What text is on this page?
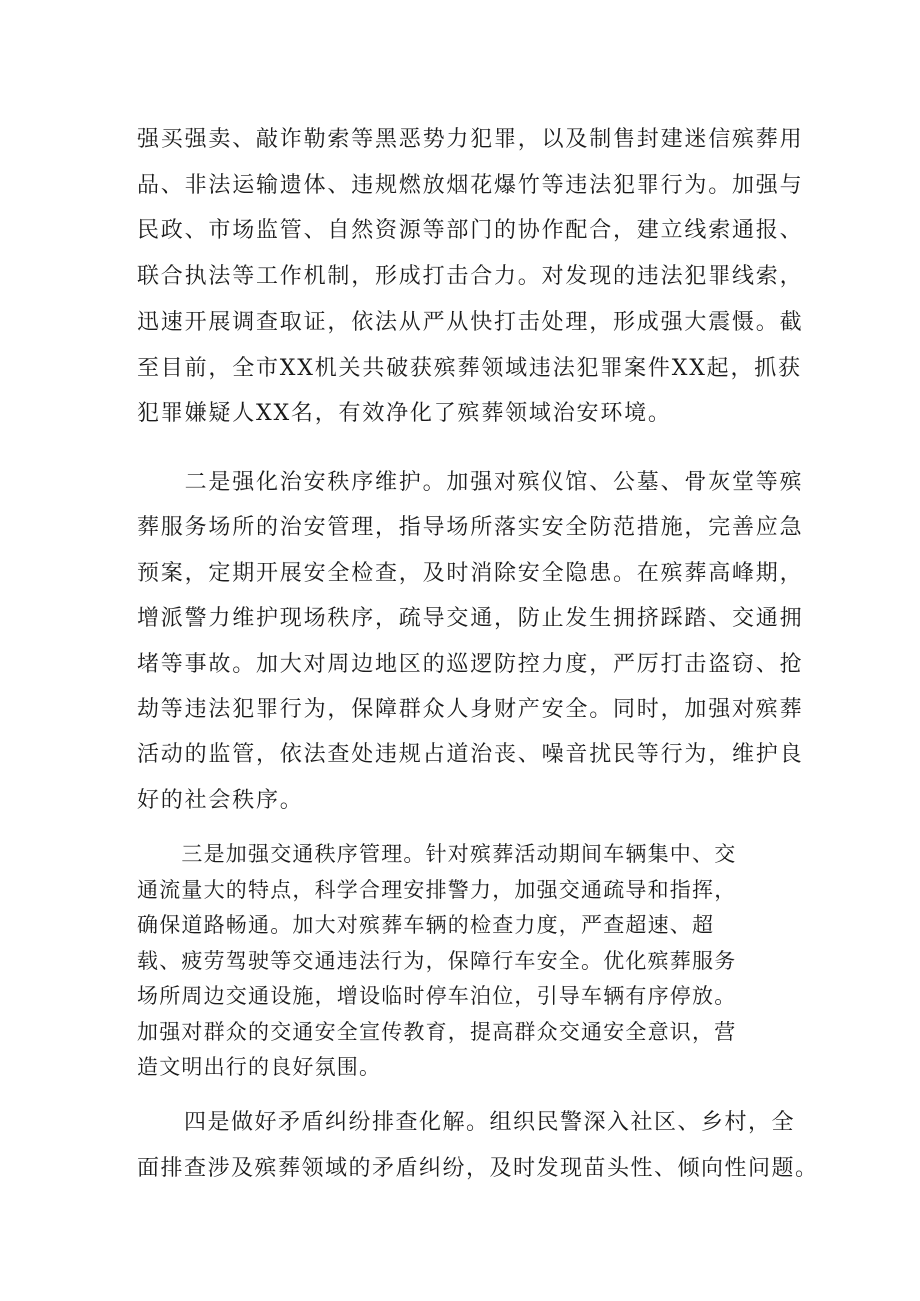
强买强卖、敲诈勒索等黑恶势力犯罪，以及制售封建迷信殡葬用

品、非法运输遗体、违规燃放烟花爆竹等违法犯罪行为。加强与

民政、市场监管、自然资源等部门的协作配合，建立线索通报、

联合执法等工作机制，形成打击合力。对发现的违法犯罪线索，

迅速开展调查取证，依法从严从快打击处理，形成强大震慑。截

至目前，全市XX机关共破获殡葬领域违法犯罪案件XX起，抓获

犯罪嫌疑人XX名，有效净化了殡葬领域治安环境。

　　二是强化治安秩序维护。加强对殡仪馆、公墓、骨灰堂等殡

葬服务场所的治安管理，指导场所落实安全防范措施，完善应急

预案，定期开展安全检查，及时消除安全隐患。在殡葬高峰期，

增派警力维护现场秩序，疏导交通，防止发生拥挤踩踏、交通拥

堵等事故。加大对周边地区的巡逻防控力度，严厉打击盗窃、抢

劫等违法犯罪行为，保障群众人身财产安全。同时，加强对殡葬

活动的监管，依法查处违规占道治丧、噪音扰民等行为，维护良

好的社会秩序。

　　三是加强交通秩序管理。针对殡葬活动期间车辆集中、交

通流量大的特点，科学合理安排警力，加强交通疏导和指挥，

确保道路畅通。加大对殡葬车辆的检查力度，严查超速、超

载、疲劳驾驶等交通违法行为，保障行车安全。优化殡葬服务

场所周边交通设施，增设临时停车泊位，引导车辆有序停放。

加强对群众的交通安全宣传教育，提高群众交通安全意识，营

造文明出行的良好氛围。

　　四是做好矛盾纠纷排查化解。组织民警深入社区、乡村，全

面排查涉及殡葬领域的矛盾纠纷，及时发现苗头性、倾向性问题。
